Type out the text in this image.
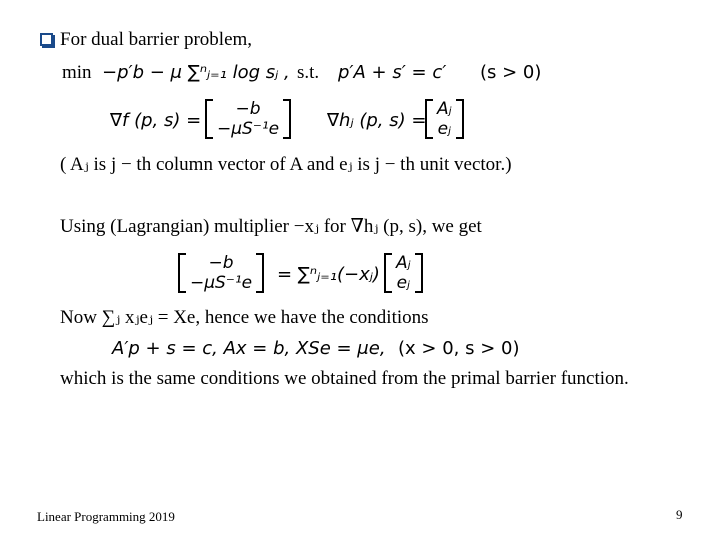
For dual barrier problem,
min −p′b − μ ∑ⁿⱼ₌₁ log sⱼ , s.t. p′A + s′ = c′ (s > 0)
∇f (p, s) =
−b
−μS⁻¹e	∇hⱼ (p, s) =
Aⱼ
eⱼ
( Aⱼ is j − th column vector of A and eⱼ is j − th unit vector.)
Using (Lagrangian) multiplier −xⱼ for ∇hⱼ (p, s), we get
−b
−μS⁻¹e = ∑ⁿⱼ₌₁(−xⱼ)
Aⱼ
eⱼ
Now ∑ⱼ xⱼeⱼ = Xe, hence we have the conditions
A′p + s = c, Ax = b, XSe = μe, (x > 0, s > 0)
which is the same conditions we obtained from the primal barrier function.
Linear Programming 2019	9
